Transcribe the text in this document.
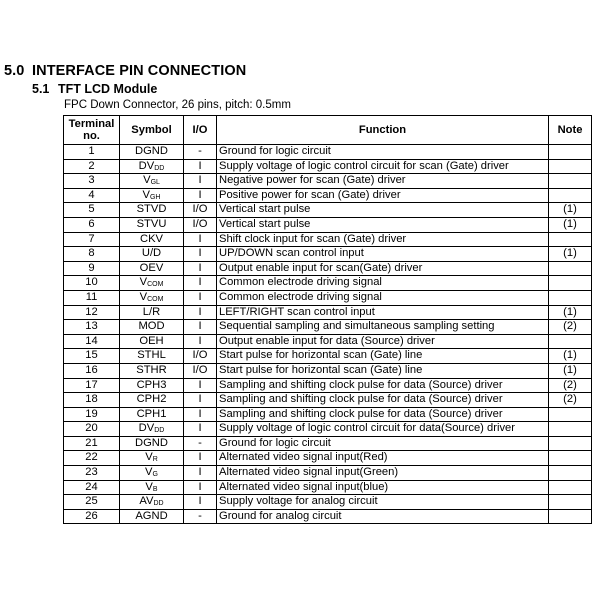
5.0 INTERFACE PIN CONNECTION
5.1 TFT LCD Module
FPC Down Connector, 26 pins, pitch: 0.5mm
Terminal
no.	Symbol	I/O	Function	Note
1	DGND	-	Ground for logic circuit	
2	$DV_{DD}$	I	Supply voltage of logic control circuit for scan (Gate) driver	
3	$V_{GL}$	I	Negative power for scan (Gate) driver	
4	$V_{GH}$	I	Positive power for scan (Gate) driver	
5	STVD	I/O	Vertical start pulse	(1)
6	STVU	I/O	Vertical start pulse	(1)
7	CKV	I	Shift clock input for scan (Gate) driver	
8	U/D	I	UP/DOWN scan control input	(1)
9	OEV	I	Output enable input for scan(Gate) driver	
10	$V_{COM}$	I	Common electrode driving signal	
11	$V_{COM}$	I	Common electrode driving signal	
12	L/R	I	LEFT/RIGHT scan control input	(1)
13	MOD	I	Sequential sampling and simultaneous sampling setting	(2)
14	OEH	I	Output enable input for data (Source) driver	
15	STHL	I/O	Start pulse for horizontal scan (Gate) line	(1)
16	STHR	I/O	Start pulse for horizontal scan (Gate) line	(1)
17	CPH3	I	Sampling and shifting clock pulse for data (Source) driver	(2)
18	CPH2	I	Sampling and shifting clock pulse for data (Source) driver	(2)
19	CPH1	I	Sampling and shifting clock pulse for data (Source) driver	
20	$DV_{DD}$	I	Supply voltage of logic control circuit for data(Source) driver	
21	DGND	-	Ground for logic circuit	
22	$V_R$	I	Alternated video signal input(Red)	
23	$V_G$	I	Alternated video signal input(Green)	
24	$V_B$	I	Alternated video signal input(blue)	
25	$AV_{DD}$	I	Supply voltage for analog circuit	
26	AGND	-	Ground for analog circuit	
